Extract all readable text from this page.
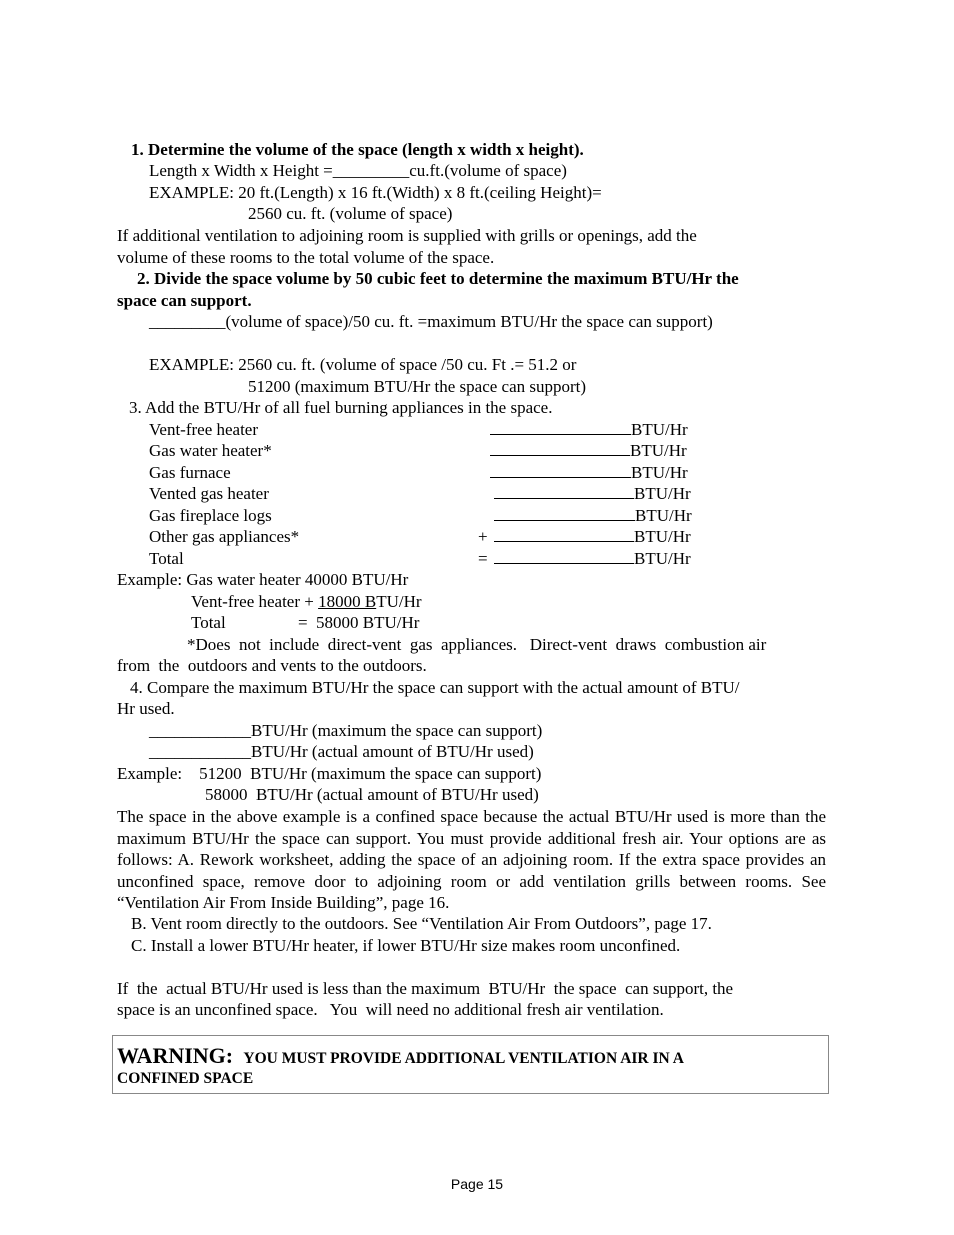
1. Determine the volume of the space (length x width x height).
Length x Width x Height =_________cu.ft.(volume of space)
EXAMPLE: 20 ft.(Length) x 16 ft.(Width) x 8 ft.(ceiling Height)=
2560 cu. ft. (volume of space)
If additional ventilation to adjoining room is supplied with grills or openings, add the
volume of these rooms to the total volume of the space.
2. Divide the space volume by 50 cubic feet to determine the maximum BTU/Hr the
space can support.
_________(volume of space)/50 cu. ft. =maximum BTU/Hr the space can support)
EXAMPLE: 2560 cu. ft. (volume of space /50 cu. Ft .= 51.2 or
51200 (maximum BTU/Hr the space can support)
3. Add the BTU/Hr of all fuel burning appliances in the space.
Vent-free heater	BTU/Hr
Gas water heater*	BTU/Hr
Gas furnace	BTU/Hr
Vented gas heater	BTU/Hr
Gas fireplace logs	BTU/Hr
Other gas appliances*	+	BTU/Hr
Total	=	BTU/Hr
Example: Gas water heater 40000 BTU/Hr
Vent-free heater + 18000 BTU/Hr
Total                 =  58000 BTU/Hr
*Does  not  include  direct-vent  gas  appliances.   Direct-vent  draws  combustion air
from  the  outdoors and vents to the outdoors.
4. Compare the maximum BTU/Hr the space can support with the actual amount of BTU/
Hr used.
____________BTU/Hr (maximum the space can support)
____________BTU/Hr (actual amount of BTU/Hr used)
Example:    51200  BTU/Hr (maximum the space can support)
58000  BTU/Hr (actual amount of BTU/Hr used)
The space in the above example is a confined space because the actual BTU/Hr used is more than the maximum BTU/Hr the space can support. You must provide additional fresh air. Your options are as follows: A. Rework worksheet, adding the space of an adjoining room. If the extra space provides an unconfined space, remove door to adjoining room or add ventilation grills between rooms. See “Ventilation Air From Inside Building”, page 16.
B. Vent room directly to the outdoors. See “Ventilation Air From Outdoors”, page 17.
C. Install a lower BTU/Hr heater, if lower BTU/Hr size makes room unconfined.
If  the  actual BTU/Hr used is less than the maximum  BTU/Hr  the space  can support, the
space is an unconfined space.   You  will need no additional fresh air ventilation.
WARNING: YOU MUST PROVIDE ADDITIONAL VENTILATION AIR IN A
CONFINED SPACE
Page 15
